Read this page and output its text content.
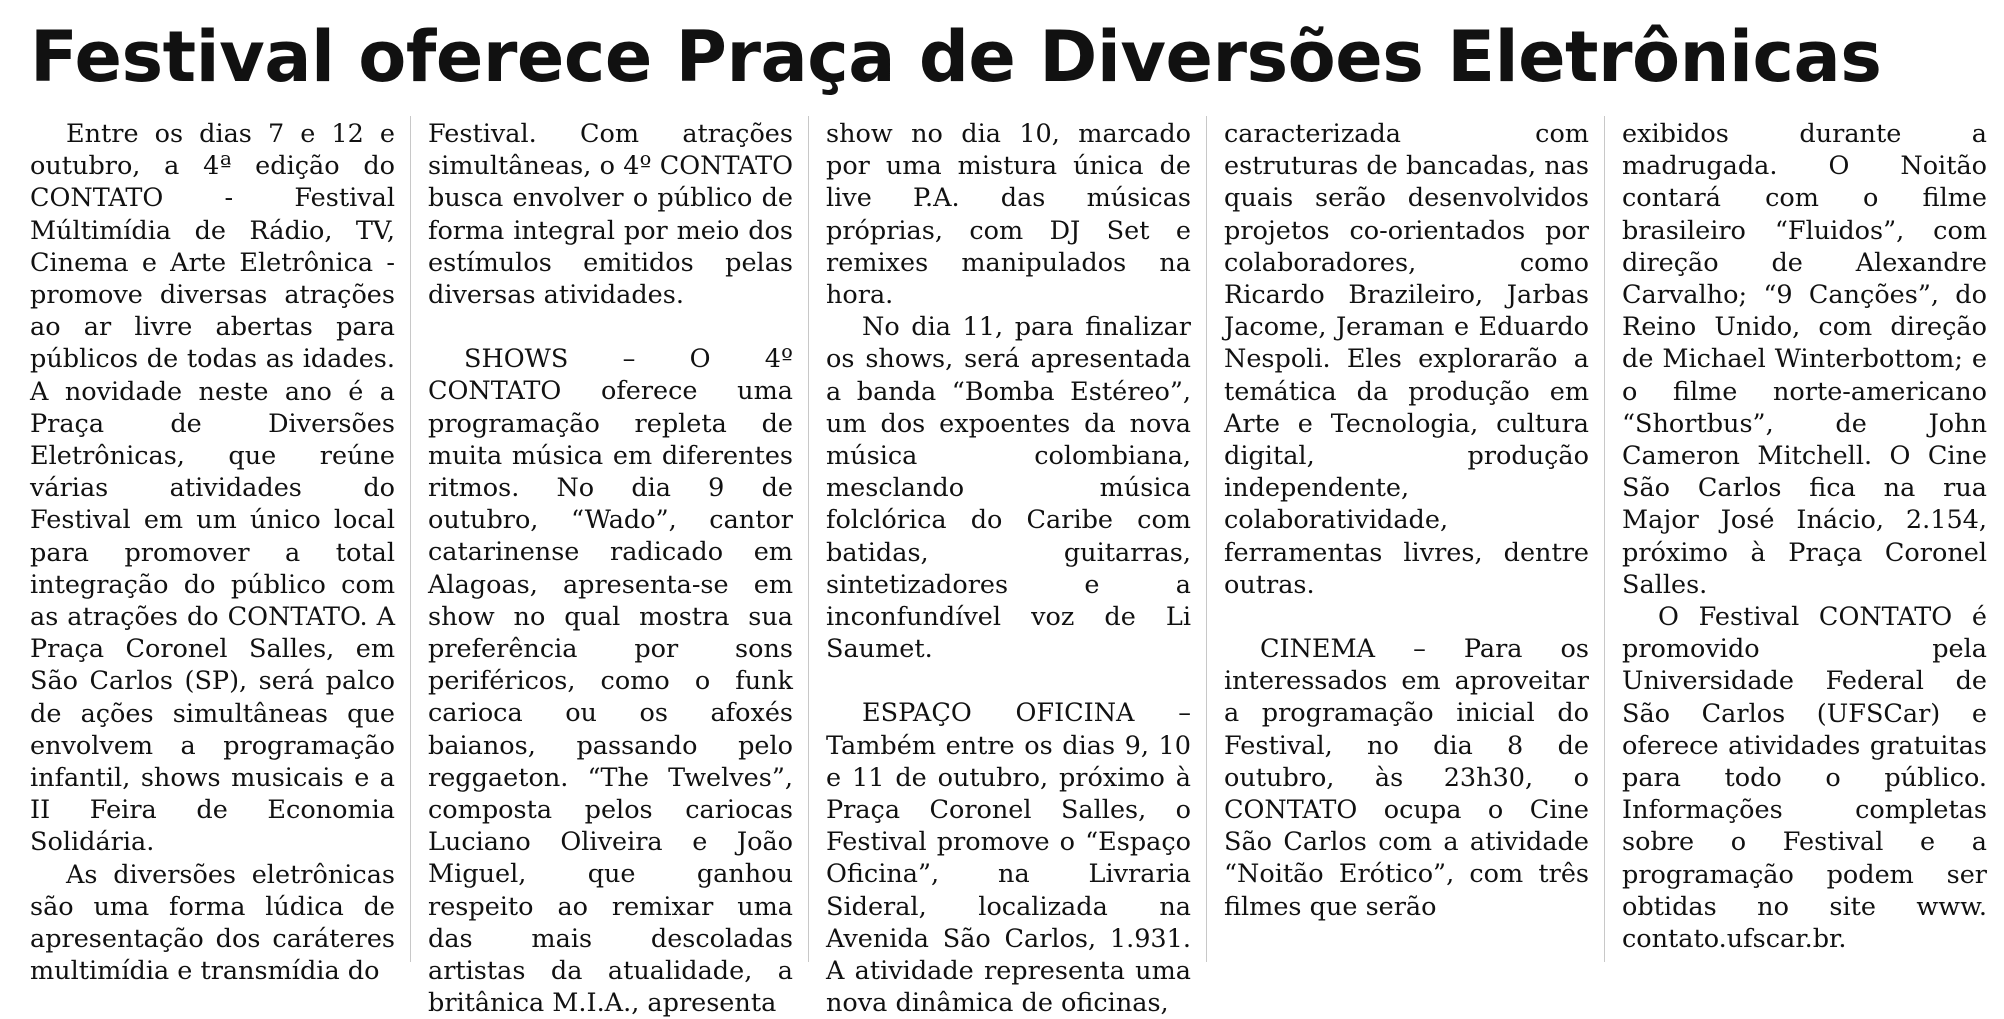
Festival oferece Praça de Diversões Eletrônicas

Entre os dias 7 e 12 e outubro, a 4ª edição do CONTATO - Festival Múltimídia de Rádio, TV, Cinema e Arte Eletrônica - promove diversas atrações ao ar livre abertas para públicos de todas as idades. A novidade neste ano é a Praça de Diversões Eletrônicas, que reúne várias atividades do Festival em um único local para promover a total integração do público com as atrações do CONTATO. A Praça Coronel Salles, em São Carlos (SP), será palco de ações simultâneas que envolvem a programação infantil, shows musicais e a II Feira de Economia Solidária.

As diversões eletrônicas são uma forma lúdica de apresentação dos caráteres multimídia e transmídia do

Festival. Com atrações simultâneas, o 4º CONTATO busca envolver o público de forma integral por meio dos estímulos emitidos pelas diversas atividades.

SHOWS – O 4º CONTATO oferece uma programação repleta de muita música em diferentes ritmos. No dia 9 de outubro, “Wado”, cantor catarinense radicado em Alagoas, apresenta-se em show no qual mostra sua preferência por sons periféricos, como o funk carioca ou os afoxés baianos, passando pelo reggaeton. “The Twelves”, composta pelos cariocas Luciano Oliveira e João Miguel, que ganhou respeito ao remixar uma das mais descoladas artistas da atualidade, a britânica M.I.A., apresenta

show no dia 10, marcado por uma mistura única de live P.A. das músicas próprias, com DJ Set e remixes manipulados na hora.

No dia 11, para finalizar os shows, será apresentada a banda “Bomba Estéreo”, um dos expoentes da nova música colombiana, mesclando música folclórica do Caribe com batidas, guitarras, sintetizadores e a inconfundível voz de Li Saumet.

ESPAÇO OFICINA – Também entre os dias 9, 10 e 11 de outubro, próximo à Praça Coronel Salles, o Festival promove o “Espaço Oficina”, na Livraria Sideral, localizada na Avenida São Carlos, 1.931. A atividade representa uma nova dinâmica de oficinas,

caracterizada com estruturas de bancadas, nas quais serão desenvolvidos projetos co-orientados por colaboradores, como Ricardo Brazileiro, Jarbas Jacome, Jeraman e Eduardo Nespoli. Eles explorarão a temática da produção em Arte e Tecnologia, cultura digital, produção independente, colaboratividade, ferramentas livres, dentre outras.

CINEMA – Para os interessados em aproveitar a programação inicial do Festival, no dia 8 de outubro, às 23h30, o CONTATO ocupa o Cine São Carlos com a atividade “Noitão Erótico”, com três filmes que serão

exibidos durante a madrugada. O Noitão contará com o filme brasileiro “Fluidos”, com direção de Alexandre Carvalho; “9 Canções”, do Reino Unido, com direção de Michael Winterbottom; e o filme norte-americano “Shortbus”, de John Cameron Mitchell. O Cine São Carlos fica na rua Major José Inácio, 2.154, próximo à Praça Coronel Salles.

O Festival CONTATO é promovido pela Universidade Federal de São Carlos (UFSCar) e oferece atividades gratuitas para todo o público. Informações completas sobre o Festival e a programação podem ser obtidas no site www. contato.ufscar.br.
